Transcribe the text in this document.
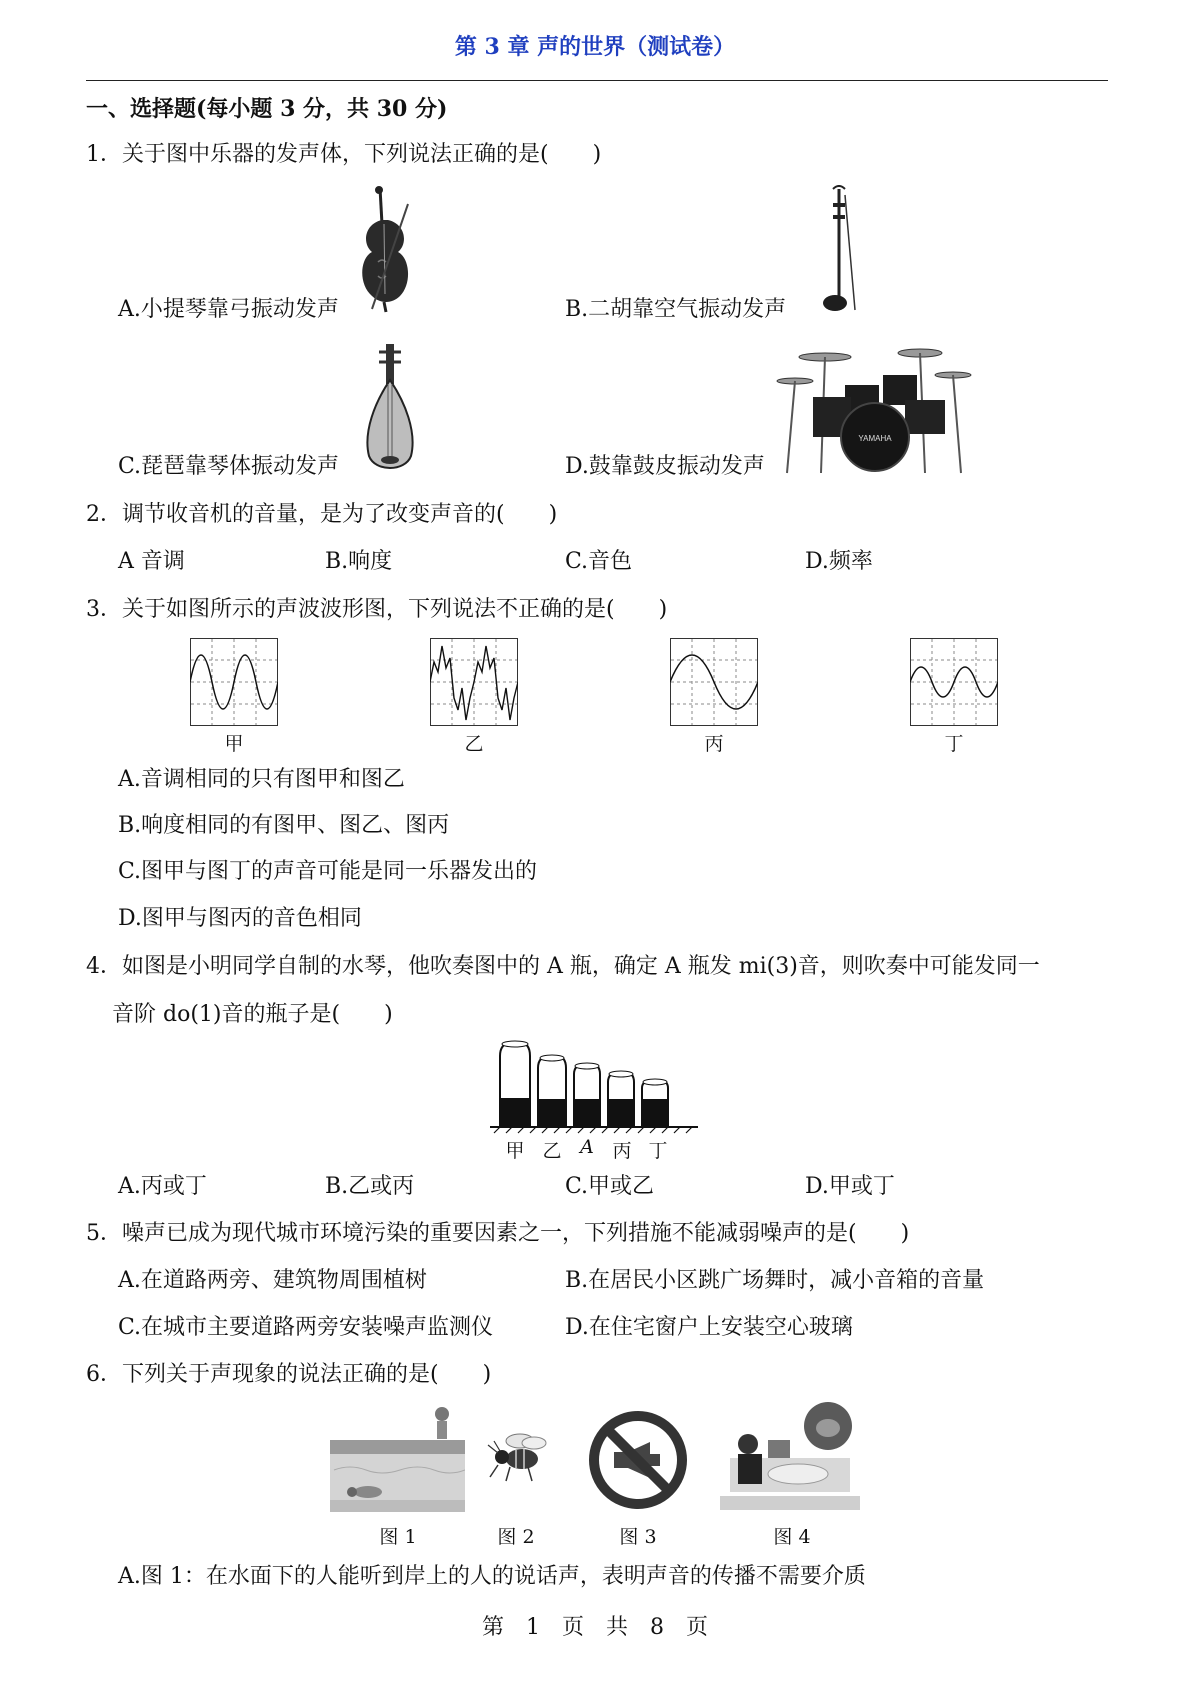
第 3 章 声的世界（测试卷）
一、选择题(每小题 3 分，共 30 分)
1．关于图中乐器的发声体，下列说法正确的是(　　)
A.小提琴靠弓振动发声	B.二胡靠空气振动发声
C.琵琶靠琴体振动发声
YAMAHA
D.鼓靠鼓皮振动发声
2．调节收音机的音量，是为了改变声音的(　　)
A 音调	B.响度	C.音色	D.频率
3．关于如图所示的声波波形图，下列说法不正确的是(　　)
甲	乙	丙	丁
A.音调相同的只有图甲和图乙
B.响度相同的有图甲、图乙、图丙
C.图甲与图丁的声音可能是同一乐器发出的
D.图甲与图丙的音色相同
4．如图是小明同学自制的水琴，他吹奏图中的 A 瓶，确定 A 瓶发 mi(3)音，则吹奏中可能发同一
音阶 do(1)音的瓶子是(　　)
甲 乙 A 丙 丁
A.丙或丁	B.乙或丙	C.甲或乙	D.甲或丁
5．噪声已成为现代城市环境污染的重要因素之一，下列措施不能减弱噪声的是(　　)
A.在道路两旁、建筑物周围植树	B.在居民小区跳广场舞时，减小音箱的音量
C.在城市主要道路两旁安装噪声监测仪	D.在住宅窗户上安装空心玻璃
6．下列关于声现象的说法正确的是(　　)
图 1	图 2	图 3	图 4
A.图 1：在水面下的人能听到岸上的人的说话声，表明声音的传播不需要介质
第　1　页　共　8　页
